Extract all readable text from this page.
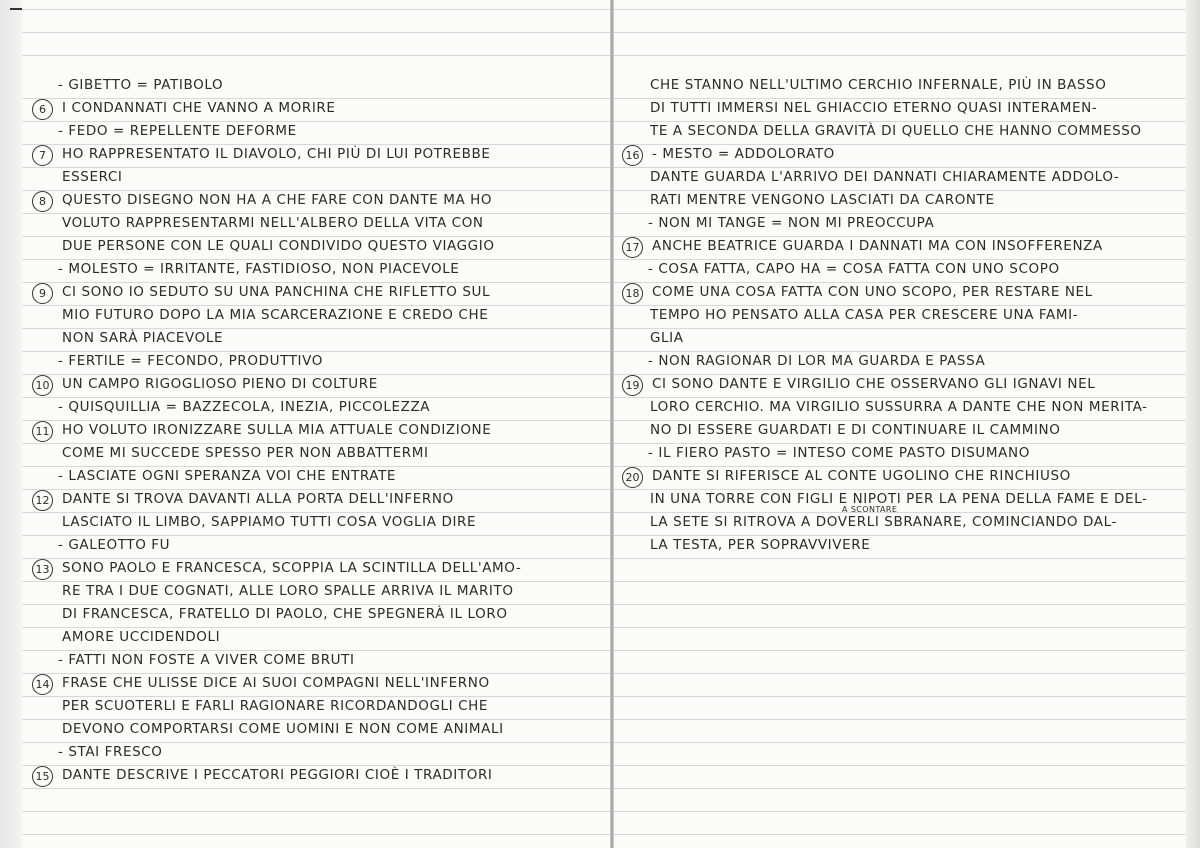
- GIBETTO = PATIBOLO
6	I CONDANNATI CHE VANNO A MORIRE
- FEDO = REPELLENTE DEFORME
7	HO RAPPRESENTATO IL DIAVOLO, CHI PIÙ DI LUI POTREBBE
ESSERCI
8	QUESTO DISEGNO NON HA A CHE FARE CON DANTE MA HO
VOLUTO RAPPRESENTARMI NELL'ALBERO DELLA VITA CON
DUE PERSONE CON LE QUALI CONDIVIDO QUESTO VIAGGIO
- MOLESTO = IRRITANTE, FASTIDIOSO, NON PIACEVOLE
9	CI SONO IO SEDUTO SU UNA PANCHINA CHE RIFLETTO SUL
MIO FUTURO DOPO LA MIA SCARCERAZIONE E CREDO CHE
NON SARÀ PIACEVOLE
- FERTILE = FECONDO, PRODUTTIVO
10 UN CAMPO RIGOGLIOSO PIENO DI COLTURE
- QUISQUILLIA = BAZZECOLA, INEZIA, PICCOLEZZA
11 HO VOLUTO IRONIZZARE SULLA MIA ATTUALE CONDIZIONE
COME MI SUCCEDE SPESSO PER NON ABBATTERMI
- LASCIATE OGNI SPERANZA VOI CHE ENTRATE
12 DANTE SI TROVA DAVANTI ALLA PORTA DELL'INFERNO
LASCIATO IL LIMBO, SAPPIAMO TUTTI COSA VOGLIA DIRE
- GALEOTTO FU
13 SONO PAOLO E FRANCESCA, SCOPPIA LA SCINTILLA DELL'AMO-
RE TRA I DUE COGNATI, ALLE LORO SPALLE ARRIVA IL MARITO
DI FRANCESCA, FRATELLO DI PAOLO, CHE SPEGNERÀ IL LORO
AMORE UCCIDENDOLI
- FATTI NON FOSTE A VIVER COME BRUTI
14 FRASE CHE ULISSE DICE AI SUOI COMPAGNI NELL'INFERNO
PER SCUOTERLI E FARLI RAGIONARE RICORDANDOGLI CHE
DEVONO COMPORTARSI COME UOMINI E NON COME ANIMALI
- STAI FRESCO
15 DANTE DESCRIVE I PECCATORI PEGGIORI CIOÈ I TRADITORI
CHE STANNO NELL'ULTIMO CERCHIO INFERNALE, PIÙ IN BASSO
DI TUTTI IMMERSI NEL GHIACCIO ETERNO QUASI INTERAMEN-
TE A SECONDA DELLA GRAVITÀ DI QUELLO CHE HANNO COMMESSO
16 - MESTO = ADDOLORATO
DANTE GUARDA L'ARRIVO DEI DANNATI CHIARAMENTE ADDOLO-
RATI MENTRE VENGONO LASCIATI DA CARONTE
- NON MI TANGE = NON MI PREOCCUPA
17 ANCHE BEATRICE GUARDA I DANNATI MA CON INSOFFERENZA
- COSA FATTA, CAPO HA = COSA FATTA CON UNO SCOPO
18 COME UNA COSA FATTA CON UNO SCOPO, PER RESTARE NEL
TEMPO HO PENSATO ALLA CASA PER CRESCERE UNA FAMI-
GLIA
- NON RAGIONAR DI LOR MA GUARDA E PASSA
19 CI SONO DANTE E VIRGILIO CHE OSSERVANO GLI IGNAVI NEL
LORO CERCHIO. MA VIRGILIO SUSSURRA A DANTE CHE NON MERITA-
NO DI ESSERE GUARDATI E DI CONTINUARE IL CAMMINO
- IL FIERO PASTO = INTESO COME PASTO DISUMANO
20 DANTE SI RIFERISCE AL CONTE UGOLINO CHE RINCHIUSO
IN UNA TORRE CON FIGLI E NIPOTI PER LA PENA DELLA FAME E DEL-
LA SETE SI RITROVA A DOVERLI SBRANARE, COMINCIANDO DAL-
LA TESTA, PER SOPRAVVIVERE
A SCONTARE
